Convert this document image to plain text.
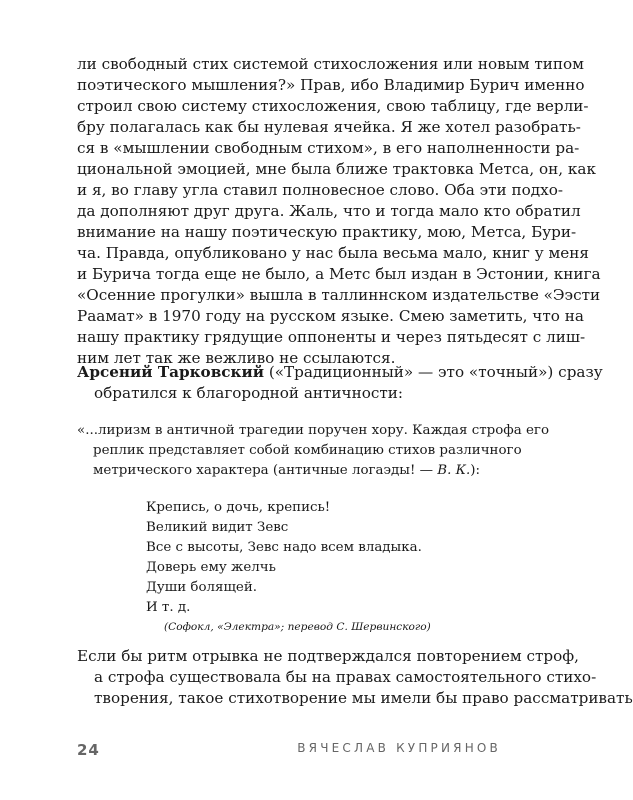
ли свободный стих системой стихосложения или новым типом

поэтического мышления?» Прав, ибо Владимир Бурич именно

строил свою систему стихосложения, свою таблицу, где верли-

бру полагалась как бы нулевая ячейка. Я же хотел разобрать-

ся в «мышлении свободным стихом», в его наполненности ра-

циональной эмоцией, мне была ближе трактовка Метса, он, как

и я, во главу угла ставил полновесное слово. Оба эти подхо-

да дополняют друг друга. Жаль, что и тогда мало кто обратил

внимание на нашу поэтическую практику, мою, Метса, Бури-

ча. Правда, опубликовано у нас была весьма мало, книг у меня

и Бурича тогда еще не было, а Метс был издан в Эстонии, книга

«Осенние прогулки» вышла в таллиннском издательстве «Ээсти

Раамат» в 1970 году на русском языке. Смею заметить, что на

нашу практику грядущие оппоненты и через пятьдесят с лиш-

ним лет так же вежливо не ссылаются.

Арсений Тарковский («Традиционный» — это «точный») сразу

обратился к благородной античности:

«...лиризм в античной трагедии поручен хору. Каждая строфа его

реплик представляет собой комбинацию стихов различного

метрического характера (античные логаэды! — В. К.):

Крепись, о дочь, крепись!

Великий видит Зевс

Все с высоты, Зевс надо всем владыка.

Доверь ему желчь

Души болящей.

И т. д.

(Софокл, «Электра»; перевод С. Шервинского)

Если бы ритм отрывка не подтверждался повторением строф,

а строфа существовала бы на правах самостоятельного стихо-

творения, такое стихотворение мы имели бы право рассматривать

24	ВЯЧЕСЛАВ КУПРИЯНОВ
